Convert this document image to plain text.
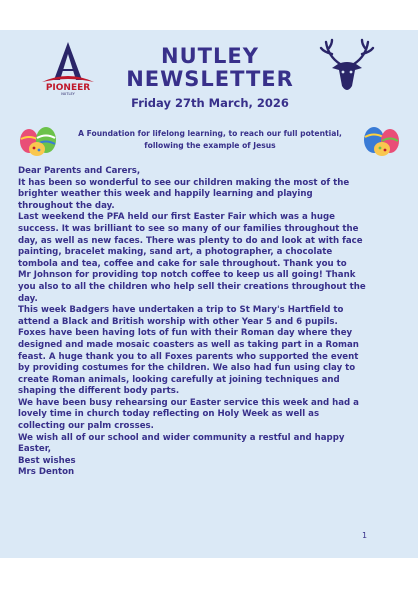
PIONEER
NUTLEY
NUTLEY
NEWSLETTER
Friday 27th March, 2026
A Foundation for lifelong learning, to reach our full potential,
following the example of Jesus
Dear Parents and Carers,
It has been so wonderful to see our children making the most of the
brighter weather this week and happily learning and playing
throughout the day.
Last weekend the PFA held our first Easter Fair which was a huge
success. It was brilliant to see so many of our families throughout the
day, as well as new faces. There was plenty to do and look at with face
painting, bracelet making, sand art, a photographer, a chocolate
tombola and tea, coffee and cake for sale throughout. Thank you to
Mr Johnson for providing top notch coffee to keep us all going! Thank
you also to all the children who help sell their creations throughout the
day.
This week Badgers have undertaken a trip to St Mary's Hartfield to
attend a Black and British worship with other Year 5 and 6 pupils.
Foxes have been having lots of fun with their Roman day where they
designed and made mosaic coasters as well as taking part in a Roman
feast. A huge thank you to all Foxes parents who supported the event
by providing costumes for the children. We also had fun using clay to
create Roman animals, looking carefully at joining techniques and
shaping the different body parts.
We have been busy rehearsing our Easter service this week and had a
lovely time in church today reflecting on Holy Week as well as
collecting our palm crosses.
We wish all of our school and wider community a restful and happy
Easter,
Best wishes
Mrs Denton
1
